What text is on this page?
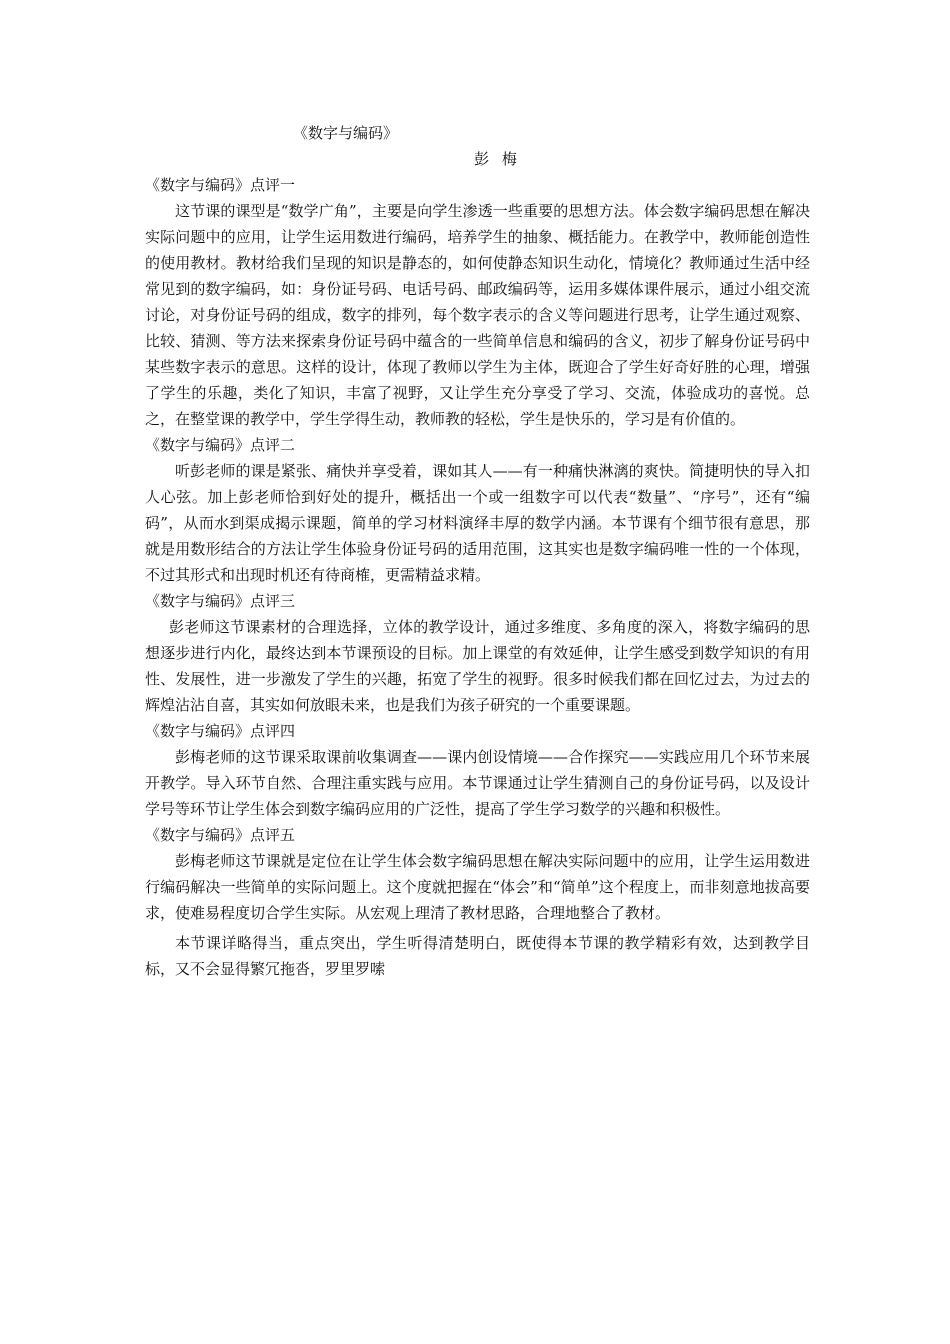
《数字与编码》
彭 梅
《数字与编码》点评一

这节课的课型是“数学广角”，主要是向学生渗透一些重要的思想方法。体会数字编码思想在解决实际问题中的应用，让学生运用数进行编码，培养学生的抽象、概括能力。在教学中，教师能创造性的使用教材。教材给我们呈现的知识是静态的，如何使静态知识生动化，情境化？教师通过生活中经常见到的数字编码，如：身份证号码、电话号码、邮政编码等，运用多媒体课件展示，通过小组交流讨论，对身份证号码的组成，数字的排列，每个数字表示的含义等问题进行思考，让学生通过观察、比较、猜测、等方法来探索身份证号码中蕴含的一些简单信息和编码的含义，初步了解身份证号码中某些数字表示的意思。这样的设计，体现了教师以学生为主体，既迎合了学生好奇好胜的心理，增强了学生的乐趣，类化了知识，丰富了视野，又让学生充分享受了学习、交流，体验成功的喜悦。总之，在整堂课的教学中，学生学得生动，教师教的轻松，学生是快乐的，学习是有价值的。

《数字与编码》点评二

听彭老师的课是紧张、痛快并享受着，课如其人——有一种痛快淋漓的爽快。简捷明快的导入扣人心弦。加上彭老师恰到好处的提升，概括出一个或一组数字可以代表“数量”、“序号”，还有“编码”，从而水到渠成揭示课题，简单的学习材料演绎丰厚的数学内涵。本节课有个细节很有意思，那就是用数形结合的方法让学生体验身份证号码的适用范围，这其实也是数字编码唯一性的一个体现，不过其形式和出现时机还有待商榷，更需精益求精。

《数字与编码》点评三

彭老师这节课素材的合理选择，立体的教学设计，通过多维度、多角度的深入，将数字编码的思想逐步进行内化，最终达到本节课预设的目标。加上课堂的有效延伸，让学生感受到数学知识的有用性、发展性，进一步激发了学生的兴趣，拓宽了学生的视野。很多时候我们都在回忆过去，为过去的辉煌沾沾自喜，其实如何放眼未来，也是我们为孩子研究的一个重要课题。

《数字与编码》点评四

彭梅老师的这节课采取课前收集调查——课内创设情境——合作探究——实践应用几个环节来展开教学。导入环节自然、合理注重实践与应用。本节课通过让学生猜测自己的身份证号码，以及设计学号等环节让学生体会到数字编码应用的广泛性，提高了学生学习数学的兴趣和积极性。

《数字与编码》点评五

彭梅老师这节课就是定位在让学生体会数字编码思想在解决实际问题中的应用，让学生运用数进行编码解决一些简单的实际问题上。这个度就把握在“体会”和“简单”这个程度上，而非刻意地拔高要求，使难易程度切合学生实际。从宏观上理清了教材思路，合理地整合了教材。

本节课详略得当，重点突出，学生听得清楚明白，既使得本节课的教学精彩有效，达到教学目标，又不会显得繁冗拖沓，罗里罗嗦
